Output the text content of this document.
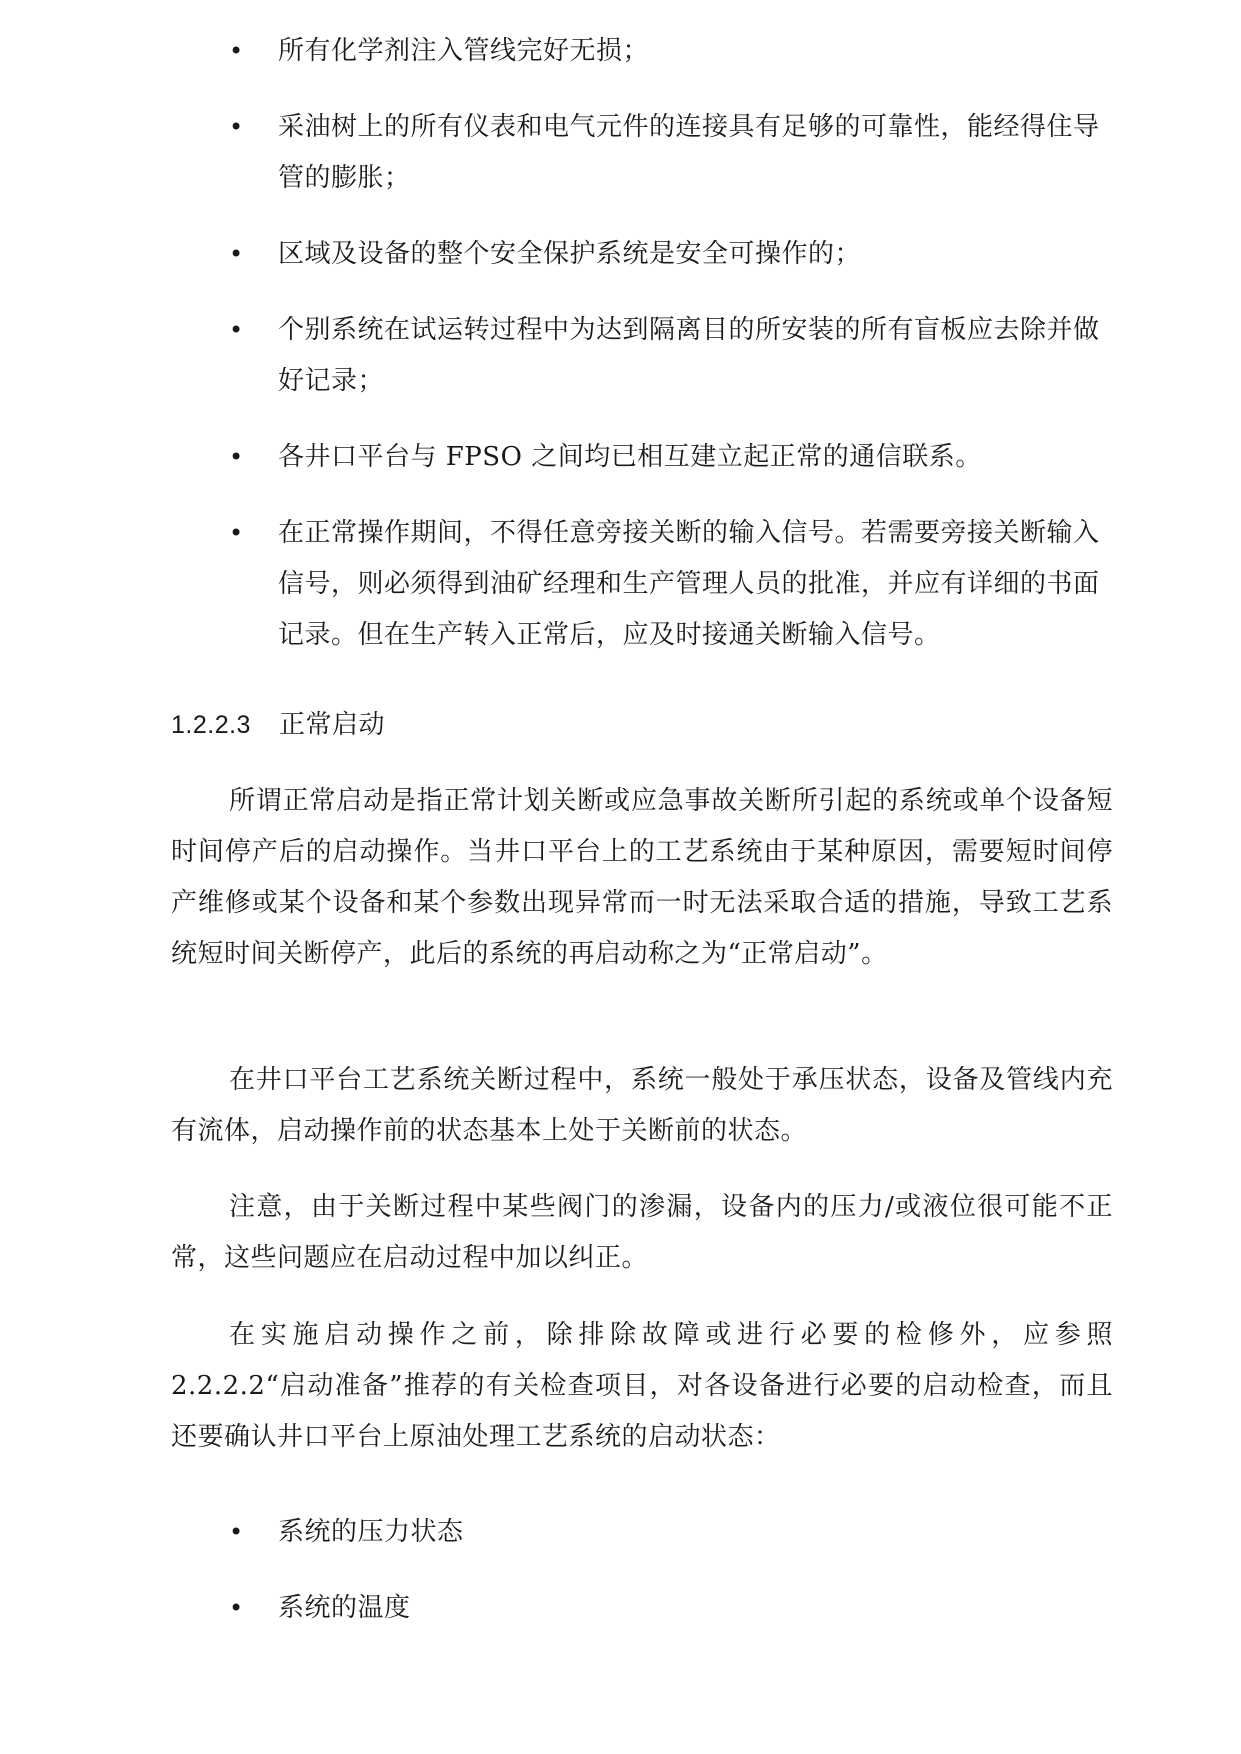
• 所有化学剂注入管线完好无损；
• 采油树上的所有仪表和电气元件的连接具有足够的可靠性，能经得住导管的膨胀；
• 区域及设备的整个安全保护系统是安全可操作的；
• 个别系统在试运转过程中为达到隔离目的所安装的所有盲板应去除并做好记录；
• 各井口平台与 FPSO 之间均已相互建立起正常的通信联系。
• 在正常操作期间，不得任意旁接关断的输入信号。若需要旁接关断输入信号，则必须得到油矿经理和生产管理人员的批准，并应有详细的书面记录。但在生产转入正常后，应及时接通关断输入信号。
1.2.2.3 正常启动

所谓正常启动是指正常计划关断或应急事故关断所引起的系统或单个设备短时间停产后的启动操作。当井口平台上的工艺系统由于某种原因，需要短时间停产维修或某个设备和某个参数出现异常而一时无法采取合适的措施，导致工艺系统短时间关断停产，此后的系统的再启动称之为“正常启动”。

在井口平台工艺系统关断过程中，系统一般处于承压状态，设备及管线内充有流体，启动操作前的状态基本上处于关断前的状态。

注意，由于关断过程中某些阀门的渗漏，设备内的压力/或液位很可能不正常，这些问题应在启动过程中加以纠正。

在实施启动操作之前，除排除故障或进行必要的检修外，应参照 2.2.2.2“启动准备”推荐的有关检查项目，对各设备进行必要的启动检查，而且还要确认井口平台上原油处理工艺系统的启动状态：

• 系统的压力状态
• 系统的温度
